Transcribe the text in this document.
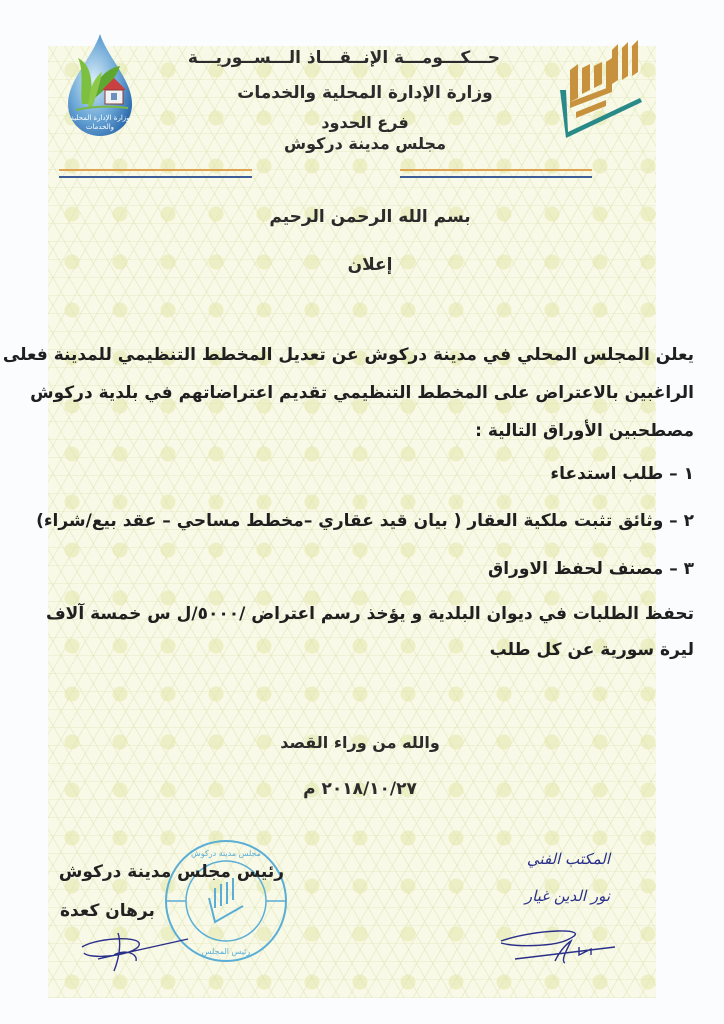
وزارة الإدارة المحلية
والخدمات
حـــكـــومـــة الإنــقـــاذ الـــســوريـــة
وزارة الإدارة المحلية والخدمات
فرع الحدود
مجلس مدينة دركوش
بسم الله الرحمن الرحيم
إعلان
يعلن المجلس المحلي في مدينة دركوش عن تعديل المخطط التنظيمي للمدينة فعلى
الراغبين بالاعتراض على المخطط التنظيمي تقديم اعتراضاتهم في بلدية دركوش
مصطحبين الأوراق التالية :
١ – طلب استدعاء
٢ – وثائق تثبت ملكية العقار ( بيان قيد عقاري –مخطط مساحي – عقد بيع/شراء)
٣ – مصنف لحفظ الاوراق
تحفظ الطلبات في ديوان البلدية و يؤخذ رسم اعتراض /٥٠٠٠/ل س خمسة آلاف
ليرة سورية عن كل طلب
والله من وراء القصد
٢٠١٨/١٠/٢٧ م
مجلس مدينة دركوش
رئيس المجلس
رئيس مجلس مدينة دركوش
برهان كعدة
المكتب الفني
نور الدين غيار
